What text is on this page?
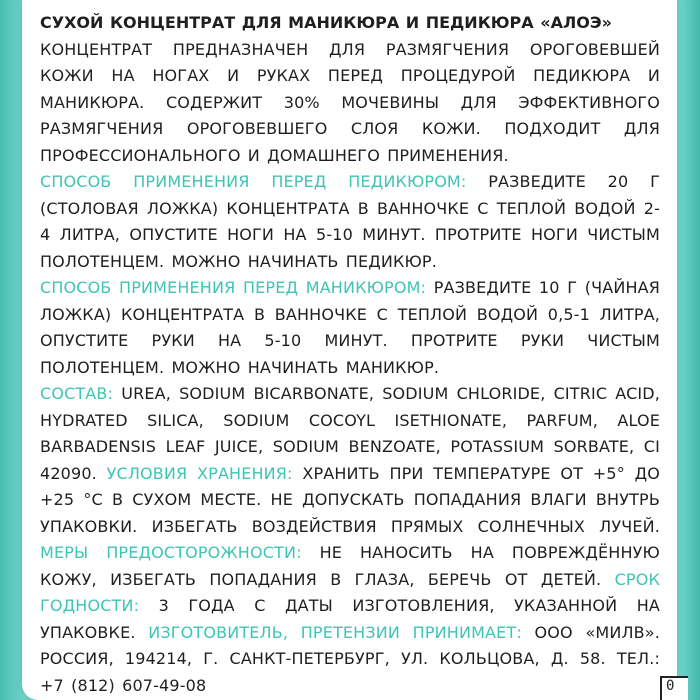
СУХОЙ КОНЦЕНТРАТ ДЛЯ МАНИКЮРА И ПЕДИКЮРА «АЛОЭ»

КОНЦЕНТРАТ ПРЕДНАЗНАЧЕН ДЛЯ РАЗМЯГЧЕНИЯ ОРОГОВЕВШЕЙ КОЖИ НА НОГАХ И РУКАХ ПЕРЕД ПРОЦЕДУРОЙ ПЕДИКЮРА И МАНИКЮРА. СОДЕРЖИТ 30% МОЧЕВИНЫ ДЛЯ ЭФФЕКТИВНОГО РАЗМЯГЧЕНИЯ ОРОГОВЕВШЕГО СЛОЯ КОЖИ. ПОДХОДИТ ДЛЯ ПРОФЕССИОНАЛЬНОГО И ДОМАШНЕГО ПРИМЕНЕНИЯ.

СПОСОБ ПРИМЕНЕНИЯ ПЕРЕД ПЕДИКЮРОМ: РАЗВЕДИТЕ 20 Г (СТОЛОВАЯ ЛОЖКА) КОНЦЕНТРАТА В ВАННОЧКЕ С ТЕПЛОЙ ВОДОЙ 2-4 ЛИТРА, ОПУСТИТЕ НОГИ НА 5-10 МИНУТ. ПРОТРИТЕ НОГИ ЧИСТЫМ ПОЛОТЕНЦЕМ. МОЖНО НАЧИНАТЬ ПЕДИКЮР.

СПОСОБ ПРИМЕНЕНИЯ ПЕРЕД МАНИКЮРОМ: РАЗВЕДИТЕ 10 Г (ЧАЙНАЯ ЛОЖКА) КОНЦЕНТРАТА В ВАННОЧКЕ С ТЕПЛОЙ ВОДОЙ 0,5-1 ЛИТРА, ОПУСТИТЕ РУКИ НА 5-10 МИНУТ. ПРОТРИТЕ РУКИ ЧИСТЫМ ПОЛОТЕНЦЕМ. МОЖНО НАЧИНАТЬ МАНИКЮР.

СОСТАВ: UREA, SODIUM BICARBONATE, SODIUM CHLORIDE, CITRIC ACID, HYDRATED SILICA, SODIUM COCOYL ISETHIONATE, PARFUM, ALOE BARBADENSIS LEAF JUICE, SODIUM BENZOATE, POTASSIUM SORBATE, CI 42090. УСЛОВИЯ ХРАНЕНИЯ: ХРАНИТЬ ПРИ ТЕМПЕРАТУРЕ ОТ +5° ДО +25 °С В СУХОМ МЕСТЕ. НЕ ДОПУСКАТЬ ПОПАДАНИЯ ВЛАГИ ВНУТРЬ УПАКОВКИ. ИЗБЕГАТЬ ВОЗДЕЙСТВИЯ ПРЯМЫХ СОЛНЕЧНЫХ ЛУЧЕЙ. МЕРЫ ПРЕДОСТОРОЖНОСТИ: НЕ НАНОСИТЬ НА ПОВРЕЖДЁННУЮ КОЖУ, ИЗБЕГАТЬ ПОПАДАНИЯ В ГЛАЗА, БЕРЕЧЬ ОТ ДЕТЕЙ. СРОК ГОДНОСТИ: 3 ГОДА С ДАТЫ ИЗГОТОВЛЕНИЯ, УКАЗАННОЙ НА УПАКОВКЕ. ИЗГОТОВИТЕЛЬ, ПРЕТЕНЗИИ ПРИНИМАЕТ: ООО «МИЛВ». РОССИЯ, 194214, Г. САНКТ-ПЕТЕРБУРГ, УЛ. КОЛЬЦОВА, Д. 58. ТЕЛ.: +7 (812) 607-49-08	0
